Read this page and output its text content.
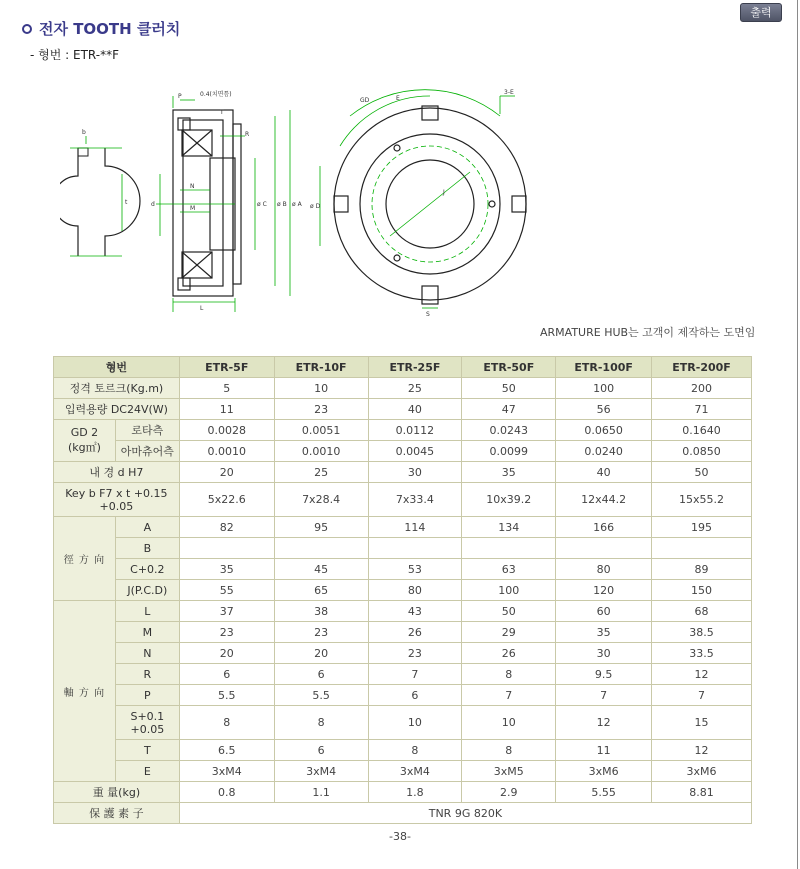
전자 TOOTH 클러치
- 형번 : ETR-**F
출력
P	0.4(치면틈)
R
T
N
M
L
ø C ø B ø A
d
t
b
GD
S
E
J
3-E
ø D
ARMATURE HUB는 고객이 제작하는 도면임
형번		ETR-5F	ETR-10F	ETR-25F	ETR-50F	ETR-100F	ETR-200F
정격 토르크(Kg.m)		5	10	25	50	100	200
입력용량 DC24V(W)		11	23	40	47	56	71
GD 2
(kg㎡)	로타측	0.0028	0.0051	0.0112	0.0243	0.0650	0.1640
	아마츄어측	0.0010	0.0010	0.0045	0.0099	0.0240	0.0850
내 경 d H7		20	25	30	35	40	50
Key b F7 x t +0.15 +0.05		5x22.6	7x28.4	7x33.4	10x39.2	12x44.2	15x55.2
徑 方 向	A	82	95	114	134	166	195
	B						
	C+0.2	35	45	53	63	80	89
	J(P.C.D)	55	65	80	100	120	150
軸 方 向	L	37	38	43	50	60	68
	M	23	23	26	29	35	38.5
	N	20	20	23	26	30	33.5
	R	6	6	7	8	9.5	12
	P	5.5	5.5	6	7	7	7
	S+0.1 +0.05	8	8	10	10	12	15
	T	6.5	6	8	8	11	12
	E	3xM4	3xM4	3xM4	3xM5	3xM6	3xM6
重 量(kg)		0.8	1.1	1.8	2.9	5.55	8.81
保 護 素 子		TNR 9G 820K					
-38-
